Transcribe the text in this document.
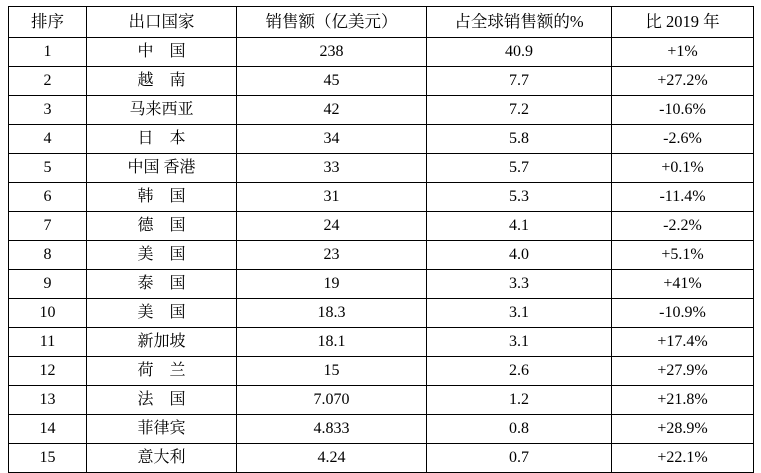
排序	出口国家	销售额（亿美元）	占全球销售额的%	比 2019 年
1	中　国	238	40.9	+1%
2	越　南	45	7.7	+27.2%
3	马来西亚	42	7.2	-10.6%
4	日　本	34	5.8	-2.6%
5	中国 香港	33	5.7	+0.1%
6	韩　国	31	5.3	-11.4%
7	德　国	24	4.1	-2.2%
8	美　国	23	4.0	+5.1%
9	泰　国	19	3.3	+41%
10	美　国	18.3	3.1	-10.9%
11	新加坡	18.1	3.1	+17.4%
12	荷　兰	15	2.6	+27.9%
13	法　国	7.070	1.2	+21.8%
14	菲律宾	4.833	0.8	+28.9%
15	意大利	4.24	0.7	+22.1%
